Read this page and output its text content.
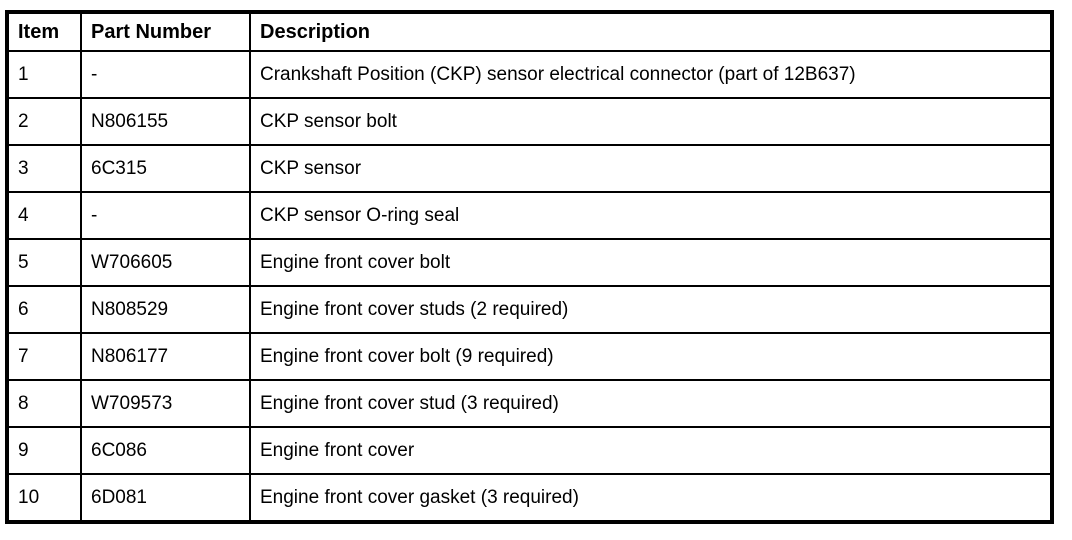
Item	Part Number	Description
1	-	Crankshaft Position (CKP) sensor electrical connector (part of 12B637)
2	N806155	CKP sensor bolt
3	6C315	CKP sensor
4	-	CKP sensor O-ring seal
5	W706605	Engine front cover bolt
6	N808529	Engine front cover studs (2 required)
7	N806177	Engine front cover bolt (9 required)
8	W709573	Engine front cover stud (3 required)
9	6C086	Engine front cover
10	6D081	Engine front cover gasket (3 required)
